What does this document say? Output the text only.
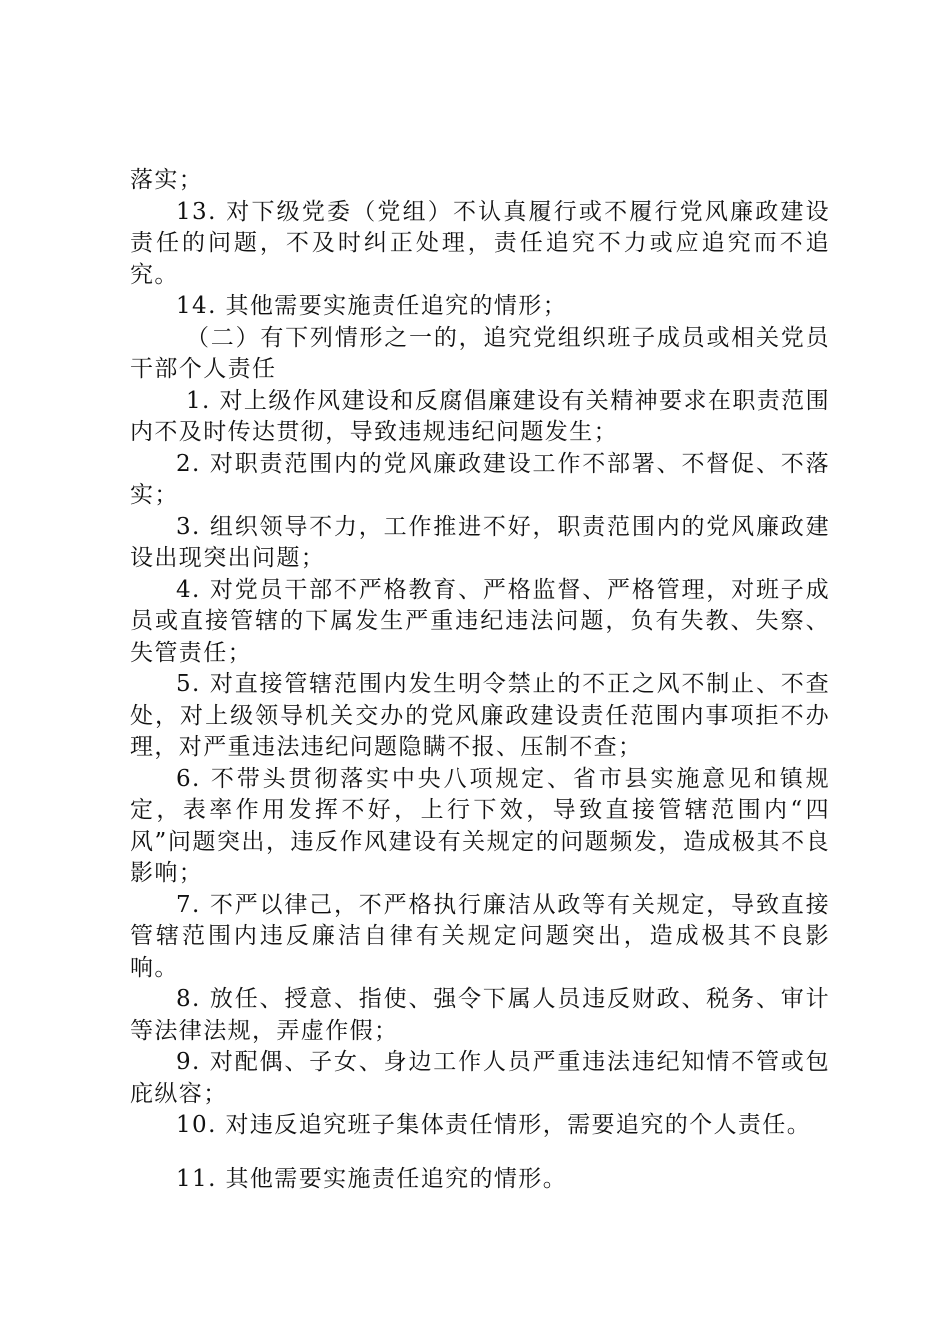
落实；

13. 对下级党委（党组）不认真履行或不履行党风廉政建设责任的问题，不及时纠正处理，责任追究不力或应追究而不追究。

14. 其他需要实施责任追究的情形；

（二）有下列情形之一的，追究党组织班子成员或相关党员干部个人责任

1. 对上级作风建设和反腐倡廉建设有关精神要求在职责范围内不及时传达贯彻，导致违规违纪问题发生；

2. 对职责范围内的党风廉政建设工作不部署、不督促、不落实；

3. 组织领导不力，工作推进不好，职责范围内的党风廉政建设出现突出问题；

4. 对党员干部不严格教育、严格监督、严格管理，对班子成员或直接管辖的下属发生严重违纪违法问题，负有失教、失察、失管责任；

5. 对直接管辖范围内发生明令禁止的不正之风不制止、不查处，对上级领导机关交办的党风廉政建设责任范围内事项拒不办理，对严重违法违纪问题隐瞒不报、压制不查；

6. 不带头贯彻落实中央八项规定、省市县实施意见和镇规定，表率作用发挥不好，上行下效，导致直接管辖范围内“四风”问题突出，违反作风建设有关规定的问题频发，造成极其不良影响；

7. 不严以律己，不严格执行廉洁从政等有关规定，导致直接管辖范围内违反廉洁自律有关规定问题突出，造成极其不良影响。

8. 放任、授意、指使、强令下属人员违反财政、税务、审计等法律法规，弄虚作假；

9. 对配偶、子女、身边工作人员严重违法违纪知情不管或包庇纵容；

10. 对违反追究班子集体责任情形，需要追究的个人责任。

11. 其他需要实施责任追究的情形。
